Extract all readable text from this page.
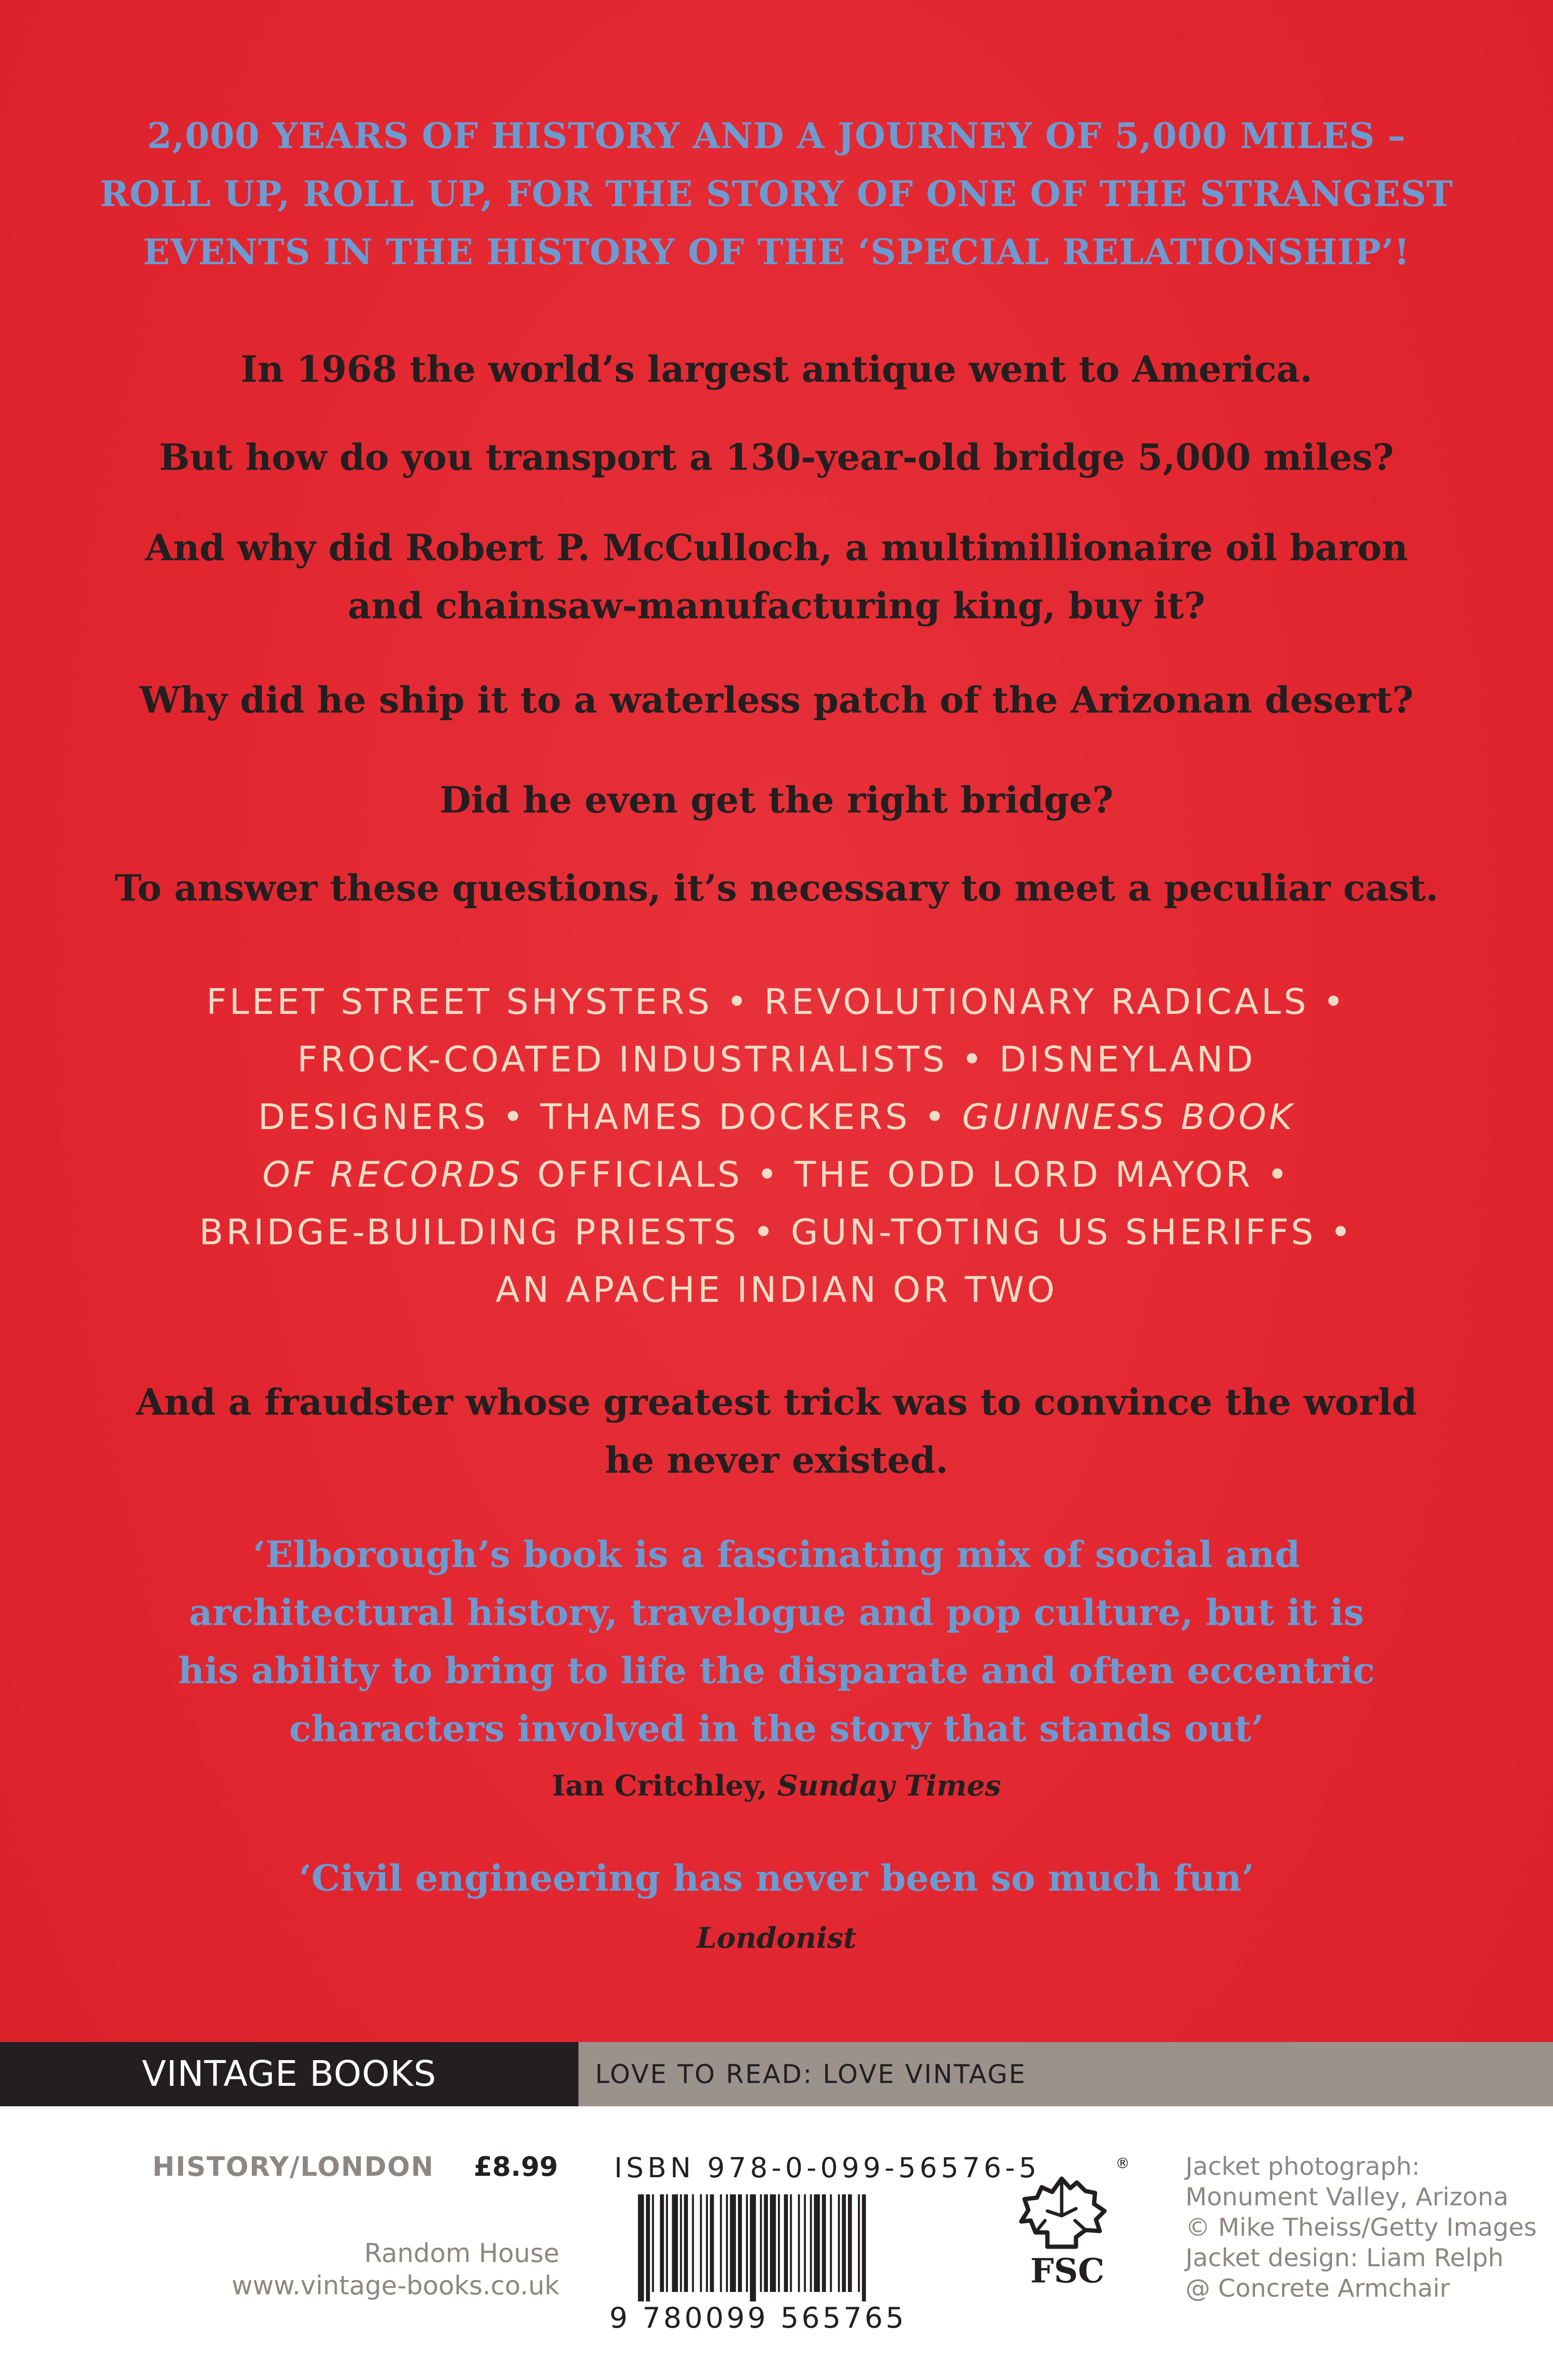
2,000 YEARS OF HISTORY AND A JOURNEY OF 5,000 MILES –
ROLL UP, ROLL UP, FOR THE STORY OF ONE OF THE STRANGEST
EVENTS IN THE HISTORY OF THE ‘SPECIAL RELATIONSHIP’!
In 1968 the world’s largest antique went to America.
But how do you transport a 130-year-old bridge 5,000 miles?
And why did Robert P. McCulloch, a multimillionaire oil baron
and chainsaw-manufacturing king, buy it?
Why did he ship it to a waterless patch of the Arizonan desert?
Did he even get the right bridge?
To answer these questions, it’s necessary to meet a peculiar cast.
FLEET STREET SHYSTERS • REVOLUTIONARY RADICALS •
FROCK-COATED INDUSTRIALISTS • DISNEYLAND
DESIGNERS • THAMES DOCKERS • GUINNESS BOOK
OF RECORDS OFFICIALS • THE ODD LORD MAYOR •
BRIDGE-BUILDING PRIESTS • GUN-TOTING US SHERIFFS •
AN APACHE INDIAN OR TWO
And a fraudster whose greatest trick was to convince the world
he never existed.
‘Elborough’s book is a fascinating mix of social and
architectural history, travelogue and pop culture, but it is
his ability to bring to life the disparate and often eccentric
characters involved in the story that stands out’
Ian Critchley, Sunday Times
‘Civil engineering has never been so much fun’
Londonist
VINTAGE BOOKS	LOVE TO READ: LOVE VINTAGE
HISTORY/LONDON £8.99
Random House
www.vintage-books.co.uk
ISBN 978-0-099-56576-5
9 780099 565765
®
FSC
Jacket photograph:
Monument Valley, Arizona
© Mike Theiss/Getty Images
Jacket design: Liam Relph
@ Concrete Armchair
